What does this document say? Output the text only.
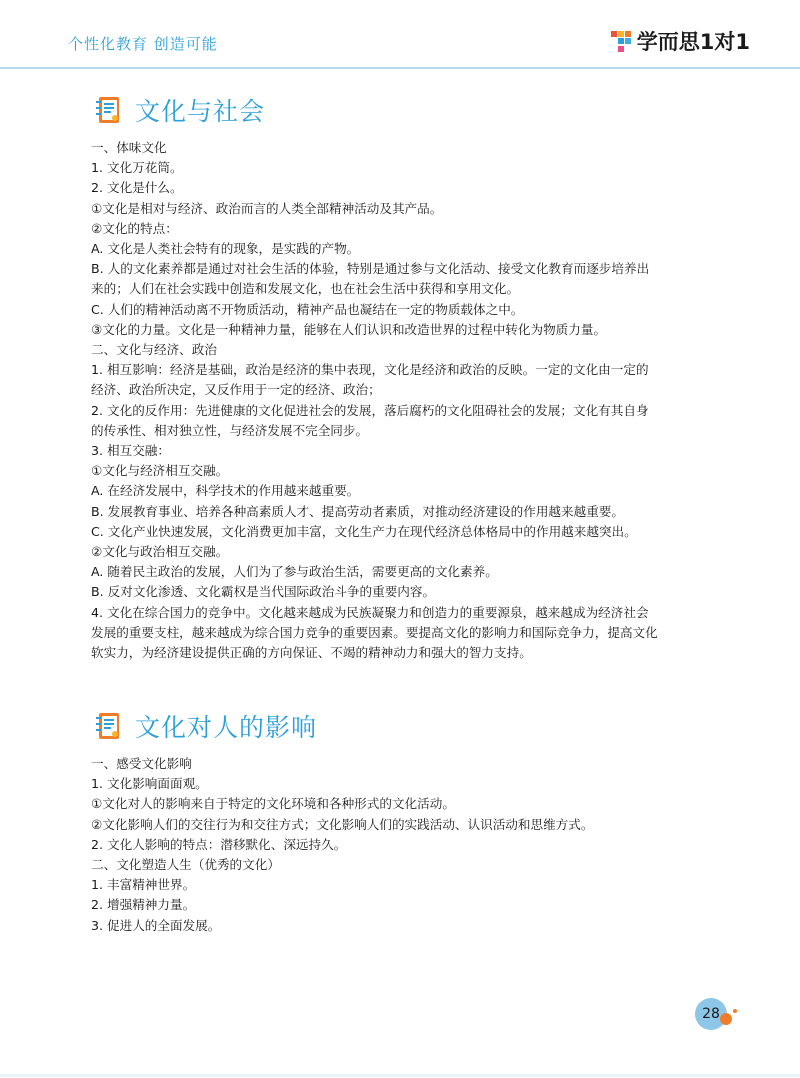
个性化教育 创造可能	学而思1对1
文化与社会
一、体味文化
1. 文化万花筒。
2. 文化是什么。
①文化是相对与经济、政治而言的人类全部精神活动及其产品。
②文化的特点：
A. 文化是人类社会特有的现象，是实践的产物。
B. 人的文化素养都是通过对社会生活的体验，特别是通过参与文化活动、接受文化教育而逐步培养出
来的；人们在社会实践中创造和发展文化，也在社会生活中获得和享用文化。
C. 人们的精神活动离不开物质活动，精神产品也凝结在一定的物质载体之中。
③文化的力量。文化是一种精神力量，能够在人们认识和改造世界的过程中转化为物质力量。
二、文化与经济、政治
1. 相互影响：经济是基础，政治是经济的集中表现，文化是经济和政治的反映。一定的文化由一定的
经济、政治所决定，又反作用于一定的经济、政治；
2. 文化的反作用：先进健康的文化促进社会的发展，落后腐朽的文化阻碍社会的发展；文化有其自身
的传承性、相对独立性，与经济发展不完全同步。
3. 相互交融：
①文化与经济相互交融。
A. 在经济发展中，科学技术的作用越来越重要。
B. 发展教育事业、培养各种高素质人才、提高劳动者素质，对推动经济建设的作用越来越重要。
C. 文化产业快速发展，文化消费更加丰富，文化生产力在现代经济总体格局中的作用越来越突出。
②文化与政治相互交融。
A. 随着民主政治的发展，人们为了参与政治生活，需要更高的文化素养。
B. 反对文化渗透、文化霸权是当代国际政治斗争的重要内容。
4. 文化在综合国力的竞争中。文化越来越成为民族凝聚力和创造力的重要源泉，越来越成为经济社会
发展的重要支柱，越来越成为综合国力竞争的重要因素。要提高文化的影响力和国际竞争力，提高文化
软实力，为经济建设提供正确的方向保证、不竭的精神动力和强大的智力支持。
文化对人的影响
一、感受文化影响
1. 文化影响面面观。
①文化对人的影响来自于特定的文化环境和各种形式的文化活动。
②文化影响人们的交往行为和交往方式；文化影响人们的实践活动、认识活动和思维方式。
2. 文化人影响的特点：潜移默化、深远持久。
二、文化塑造人生（优秀的文化）
1. 丰富精神世界。
2. 增强精神力量。
3. 促进人的全面发展。
28
